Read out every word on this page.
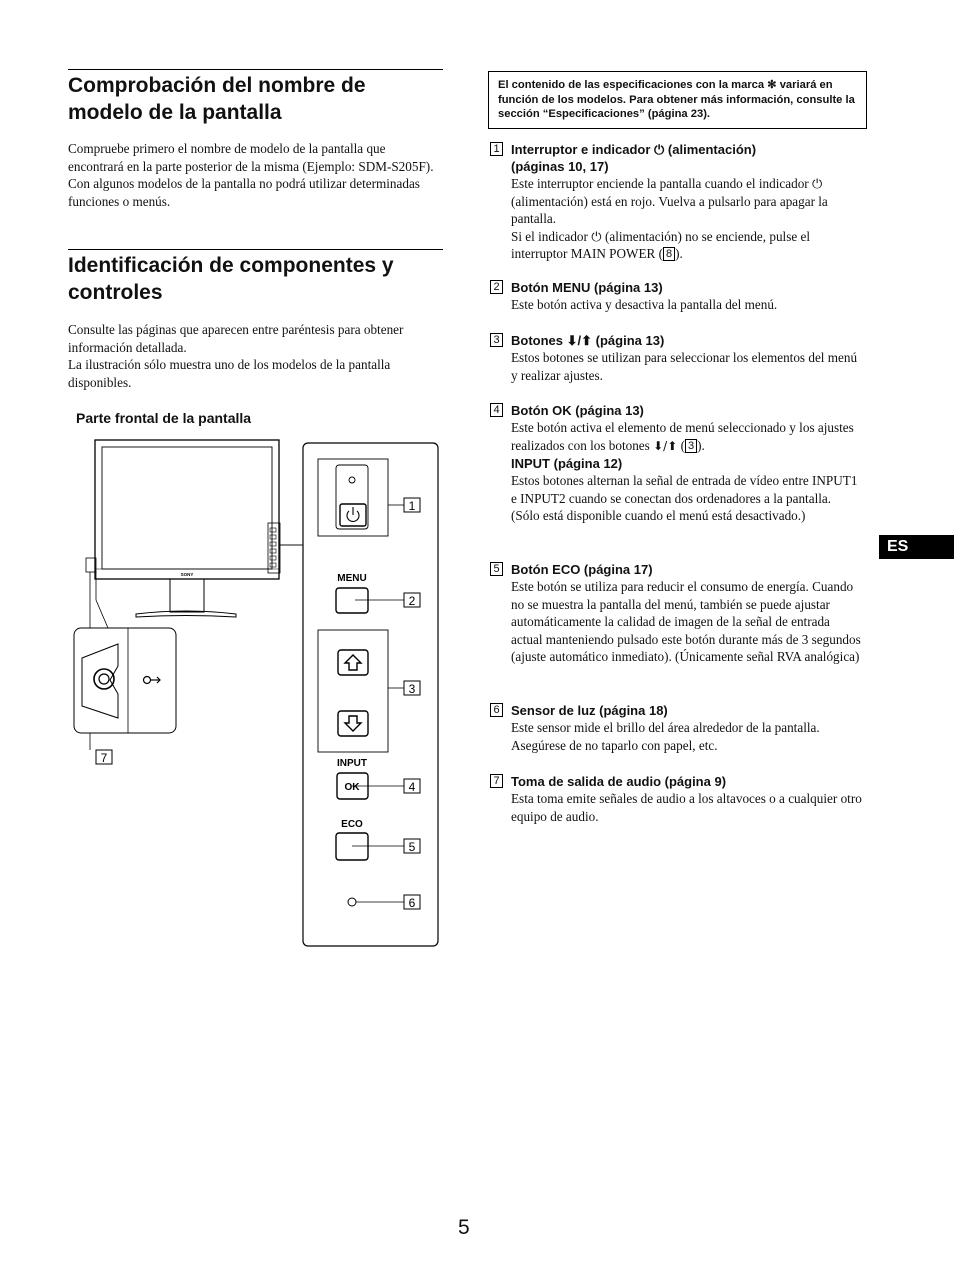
Comprobación del nombre de
modelo de la pantalla

Compruebe primero el nombre de modelo de la pantalla que encontrará en la parte posterior de la misma (Ejemplo: SDM-S205F).

Con algunos modelos de la pantalla no podrá utilizar determinadas funciones o menús.

Identificación de componentes y
controles

Consulte las páginas que aparecen entre paréntesis para obtener información detallada.

La ilustración sólo muestra uno de los modelos de la pantalla disponibles.

Parte frontal de la pantalla
SONY	MENU
INPUT
OK
ECO
1
2
3
4
5
6
7
El contenido de las especificaciones con la marca ✻ variará en función de los modelos. Para obtener más información, consulte la sección “Especificaciones” (página 23).
1 Interruptor e indicador ⏻ (alimentación)
(páginas 10, 17)

Este interruptor enciende la pantalla cuando el indicador ⏻ (alimentación) está en rojo. Vuelva a pulsarlo para apagar la pantalla.

Si el indicador ⏻ (alimentación) no se enciende, pulse el interruptor MAIN POWER ( 8 ).

2 Botón MENU (página 13)
Este botón activa y desactiva la pantalla del menú.
3 Botones ⬇/⬆ (página 13)
Estos botones se utilizan para seleccionar los elementos del menú y realizar ajustes.
4 Botón OK (página 13)

Este botón activa el elemento de menú seleccionado y los ajustes realizados con los botones ⬇/⬆ ( 3 ).

INPUT (página 12)
Estos botones alternan la señal de entrada de vídeo entre INPUT1 e INPUT2 cuando se conectan dos ordenadores a la pantalla. (Sólo está disponible cuando el menú está desactivado.)
5 Botón ECO (página 17)
Este botón se utiliza para reducir el consumo de energía. Cuando no se muestra la pantalla del menú, también se puede ajustar automáticamente la calidad de imagen de la señal de entrada actual manteniendo pulsado este botón durante más de 3 segundos (ajuste automático inmediato). (Únicamente señal RVA analógica)
6 Sensor de luz (página 18)
Este sensor mide el brillo del área alrededor de la pantalla. Asegúrese de no taparlo con papel, etc.
7 Toma de salida de audio (página 9)
Esta toma emite señales de audio a los altavoces o a cualquier otro equipo de audio.
ES
5
